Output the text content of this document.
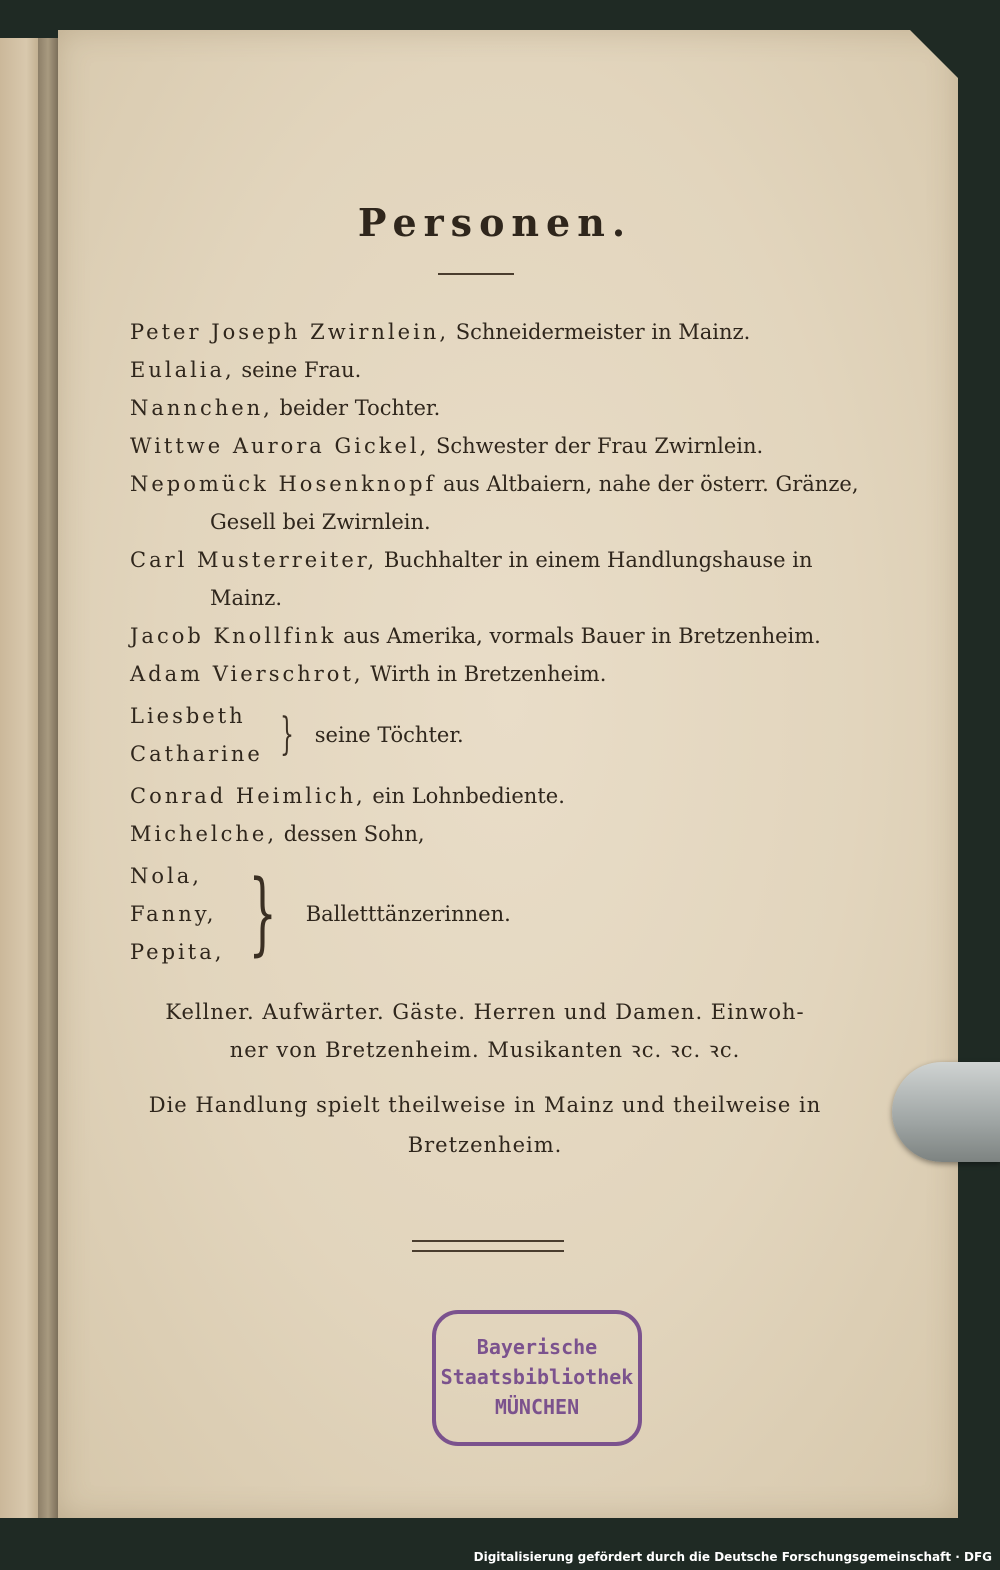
Personen.
Peter Joseph Zwirnlein, Schneidermeister in Mainz.
Eulalia, seine Frau.
Nannchen, beider Tochter.
Wittwe Aurora Gickel, Schwester der Frau Zwirnlein.
Nepomück Hosenknopf aus Altbaiern, nahe der österr. Gränze,
Gesell bei Zwirnlein.
Carl Musterreiter, Buchhalter in einem Handlungshause in
Mainz.
Jacob Knollfink aus Amerika, vormals Bauer in Bretzenheim.
Adam Vierschrot, Wirth in Bretzenheim.
Liesbeth
Catharine } seine Töchter.
Conrad Heimlich, ein Lohnbediente.
Michelche, dessen Sohn,
Nola,
Fanny,
Pepita, } Balletttänzerinnen.
Kellner. Aufwärter. Gäste. Herren und Damen. Einwoh-
ner von Bretzenheim. Musikanten ꝛc. ꝛc. ꝛc.
Die Handlung spielt theilweise in Mainz und theilweise in
Bretzenheim.
Bayerische
Staatsbibliothek
MÜNCHEN
Digitalisierung gefördert durch die Deutsche Forschungsgemeinschaft · DFG
